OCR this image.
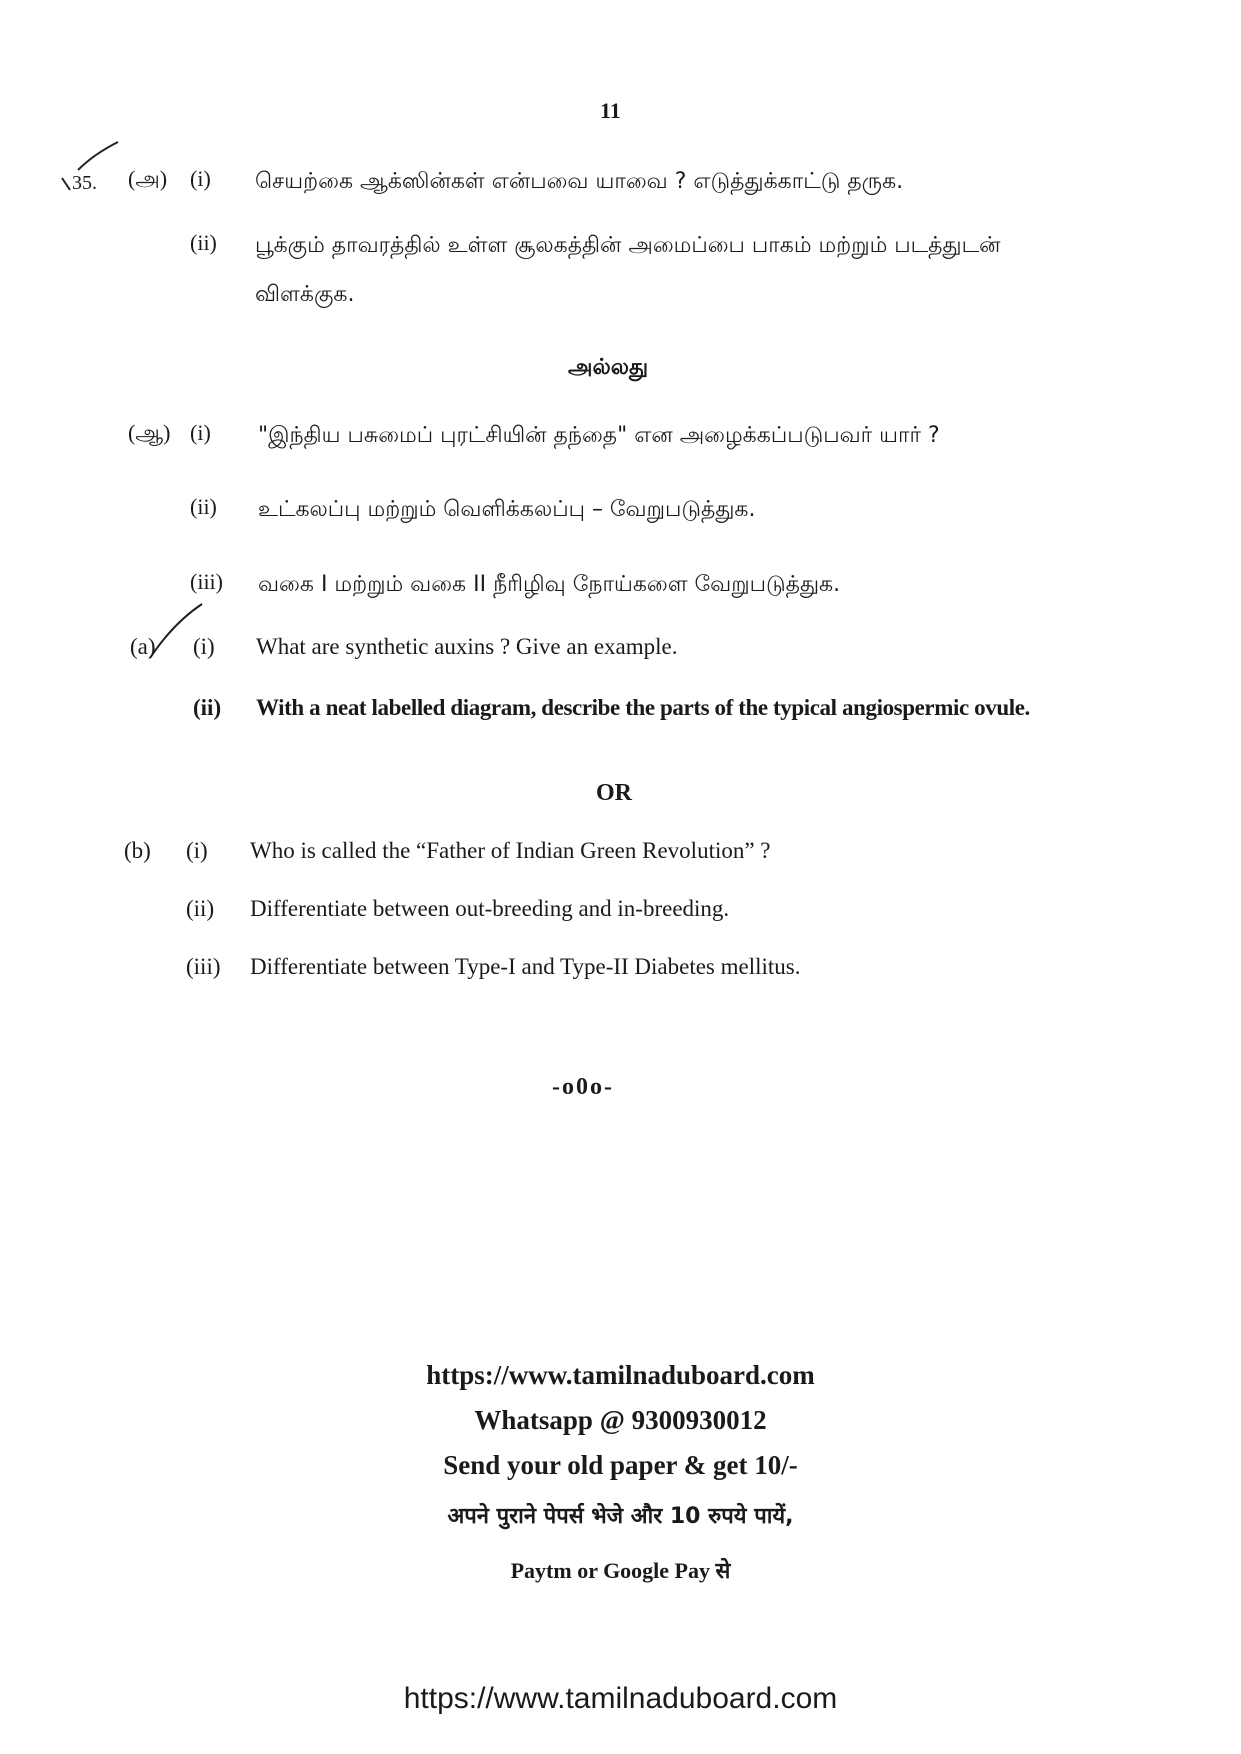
11
35. (அ) (i) செயற்கை ஆக்ஸின்கள் என்பவை யாவை ? எடுத்துக்காட்டு தருக.
(ii) பூக்கும் தாவரத்தில் உள்ள சூலகத்தின் அமைப்பை பாகம் மற்றும் படத்துடன்
விளக்குக.
அல்லது
(ஆ) (i) "இந்திய பசுமைப் புரட்சியின் தந்தை" என அழைக்கப்படுபவர் யார் ?
(ii) உட்கலப்பு மற்றும் வெளிக்கலப்பு – வேறுபடுத்துக.
(iii) வகை I மற்றும் வகை II நீரிழிவு நோய்களை வேறுபடுத்துக.
(a) (i) What are synthetic auxins ? Give an example.
(ii) With a neat labelled diagram, describe the parts of the typical angiospermic ovule.
OR
(b) (i) Who is called the “Father of Indian Green Revolution” ?
(ii) Differentiate between out-breeding and in-breeding.
(iii) Differentiate between Type-I and Type-II Diabetes mellitus.
-o0o-
https://www.tamilnaduboard.com
Whatsapp @ 9300930012
Send your old paper & get 10/-
अपने पुराने पेपर्स भेजे और 10 रुपये पायें,
Paytm or Google Pay से
https://www.tamilnaduboard.com
